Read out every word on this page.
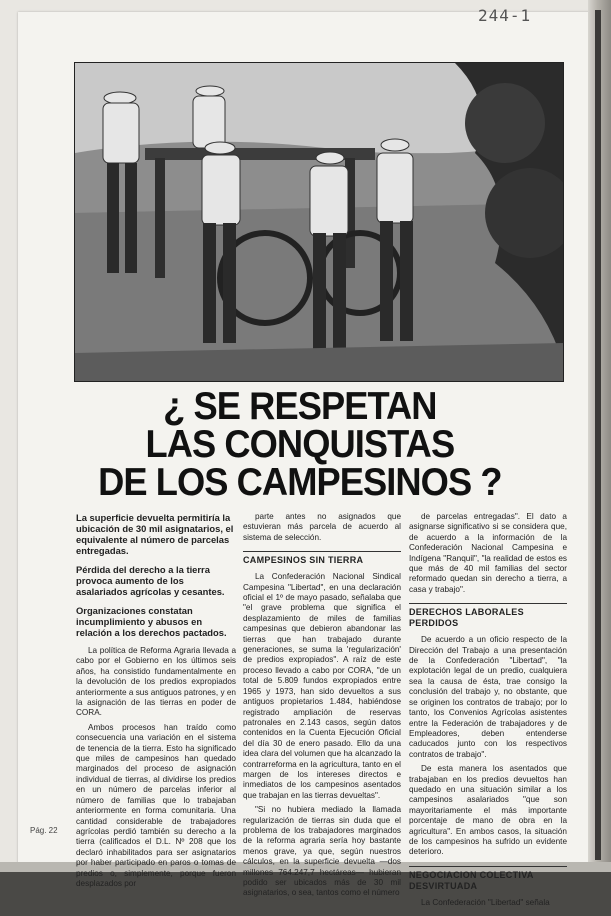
244-1
¿ SE RESPETAN
LAS CONQUISTAS
DE LOS CAMPESINOS ?

La superficie devuelta permitiría la ubicación de 30 mil asignatarios, el equivalente al número de parcelas entregadas.

Pérdida del derecho a la tierra provoca aumento de los asalariados agrícolas y cesantes.

Organizaciones constatan incumplimiento y abusos en relación a los derechos pactados.

La política de Reforma Agraria llevada a cabo por el Gobierno en los últimos seis años, ha consistido fundamentalmente en la devolución de los predios expropiados anteriormente a sus antiguos patrones, y en la asignación de las tierras en poder de CORA.

Ambos procesos han traído como consecuencia una variación en el sistema de tenencia de la tierra. Esto ha significado que miles de campesinos han quedado marginados del proceso de asignación individual de tierras, al dividirse los predios en un número de parcelas inferior al número de familias que lo trabajaban anteriormente en forma comunitaria. Una cantidad considerable de trabajadores agrícolas perdió también su derecho a la tierra (calificados el D.L. Nº 208 que los declaró inhabilitados para ser asignatarios por haber participado en paros o tomas de predios o, simplemente, porque fueron desplazados por

parte antes no asignados que estuvieran más parcela de acuerdo al sistema de selección.

CAMPESINOS SIN TIERRA

La Confederación Nacional Sindical Campesina "Libertad", en una declaración oficial el 1º de mayo pasado, señalaba que "el grave problema que significa el desplazamiento de miles de familias campesinas que debieron abandonar las tierras que han trabajado durante generaciones, se suma la 'regularización' de predios expropiados". A raíz de este proceso llevado a cabo por CORA, "de un total de 5.809 fundos expropiados entre 1965 y 1973, han sido devueltos a sus antiguos propietarios 1.484, habiéndose registrado ampliación de reservas patronales en 2.143 casos, según datos contenidos en la Cuenta Ejecución Oficial del día 30 de enero pasado. Ello da una idea clara del volumen que ha alcanzado la contrarreforma en la agricultura, tanto en el margen de los intereses directos e inmediatos de los campesinos asentados que trabajan en las tierras devueltas".

"Si no hubiera mediado la llamada regularización de tierras sin duda que el problema de los trabajadores marginados de la reforma agraria sería hoy bastante menos grave, ya que, según nuestros cálculos, en la superficie devuelta —dos millones 764.247,7 hectáreas— hubieran podido ser ubicados más de 30 mil asignatarios, o sea, tantos como el número

de parcelas entregadas". El dato a asignarse significativo si se considera que, de acuerdo a la información de la Confederación Nacional Campesina e Indígena "Ranquil", "la realidad de estos es que más de 40 mil familias del sector reformado quedan sin derecho a tierra, a casa y trabajo".

DERECHOS LABORALES PERDIDOS

De acuerdo a un oficio respecto de la Dirección del Trabajo a una presentación de la Confederación "Libertad", "la explotación legal de un predio, cualquiera sea la causa de ésta, trae consigo la conclusión del trabajo y, no obstante, que se originen los contratos de trabajo; por lo tanto, los Convenios Agrícolas asistentes entre la Federación de trabajadores y de Empleadores, deben entenderse caducados junto con los respectivos contratos de trabajo".

De esta manera los asentados que trabajaban en los predios devueltos han quedado en una situación similar a los campesinos asalariados "que son mayoritariamente el más importante porcentaje de mano de obra en la agricultura". En ambos casos, la situación de los campesinos ha sufrido un evidente deterioro.

NEGOCIACION COLECTIVA DESVIRTUADA

La Confederación "Libertad" señala

Pág. 22
